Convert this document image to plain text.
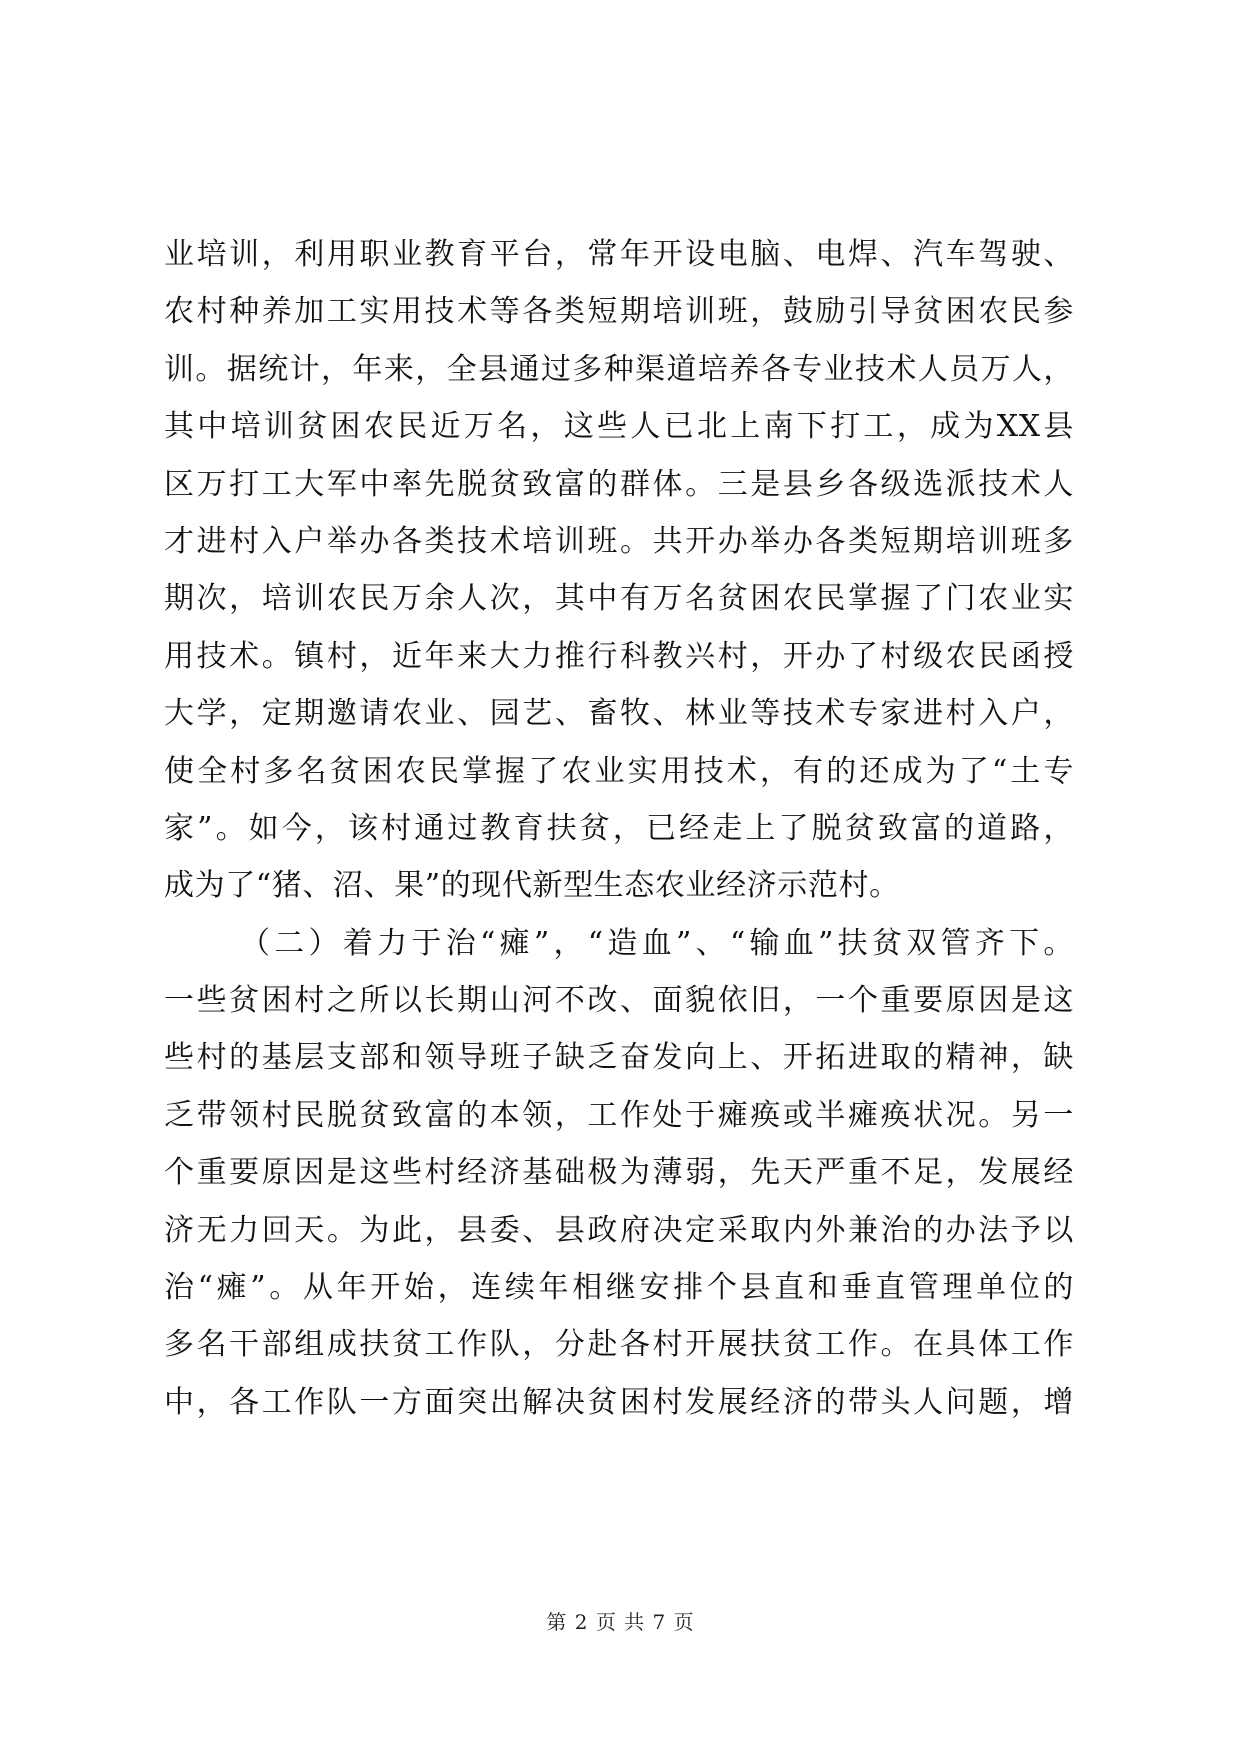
业培训，利用职业教育平台，常年开设电脑、电焊、汽车驾驶、
农村种养加工实用技术等各类短期培训班，鼓励引导贫困农民参
训。据统计，年来，全县通过多种渠道培养各专业技术人员万人，
其中培训贫困农民近万名，这些人已北上南下打工，成为XX县
区万打工大军中率先脱贫致富的群体。三是县乡各级选派技术人
才进村入户举办各类技术培训班。共开办举办各类短期培训班多
期次，培训农民万余人次，其中有万名贫困农民掌握了门农业实
用技术。镇村，近年来大力推行科教兴村，开办了村级农民函授
大学，定期邀请农业、园艺、畜牧、林业等技术专家进村入户，
使全村多名贫困农民掌握了农业实用技术，有的还成为了“土专
家”。如今，该村通过教育扶贫，已经走上了脱贫致富的道路，
成为了“猪、沼、果”的现代新型生态农业经济示范村。
（二）着力于治“瘫”，“造血”、“输血”扶贫双管齐下。
一些贫困村之所以长期山河不改、面貌依旧，一个重要原因是这
些村的基层支部和领导班子缺乏奋发向上、开拓进取的精神，缺
乏带领村民脱贫致富的本领，工作处于瘫痪或半瘫痪状况。另一
个重要原因是这些村经济基础极为薄弱，先天严重不足，发展经
济无力回天。为此，县委、县政府决定采取内外兼治的办法予以
治“瘫”。从年开始，连续年相继安排个县直和垂直管理单位的
多名干部组成扶贫工作队，分赴各村开展扶贫工作。在具体工作
中，各工作队一方面突出解决贫困村发展经济的带头人问题，增
第 2 页 共 7 页
